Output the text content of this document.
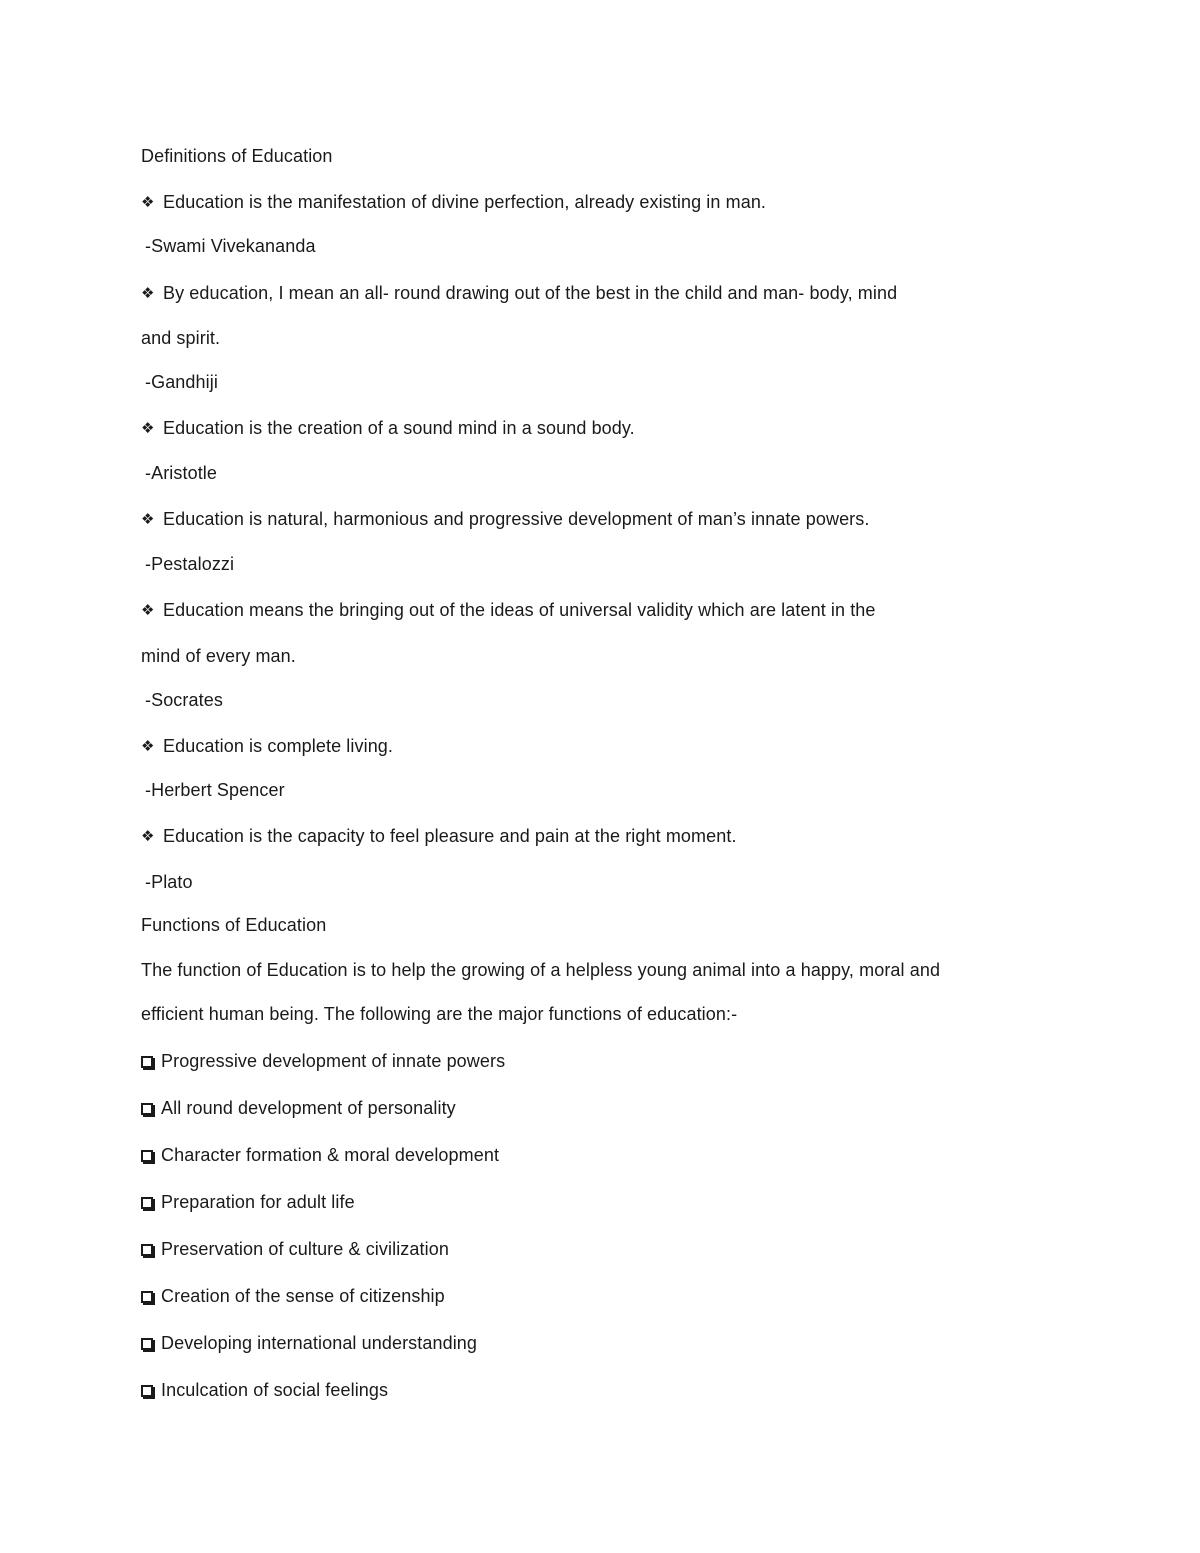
Definitions of Education
❖ Education is the manifestation of divine perfection, already existing in man.
-Swami Vivekananda
❖ By education, I mean an all- round drawing out of the best in the child and man- body, mind
and spirit.
-Gandhiji
❖ Education is the creation of a sound mind in a sound body.
-Aristotle
❖ Education is natural, harmonious and progressive development of man’s innate powers.
-Pestalozzi
❖ Education means the bringing out of the ideas of universal validity which are latent in the
mind of every man.
-Socrates
❖ Education is complete living.
-Herbert Spencer
❖ Education is the capacity to feel pleasure and pain at the right moment.
-Plato
Functions of Education
The function of Education is to help the growing of a helpless young animal into a happy, moral and
efficient human being. The following are the major functions of education:-
Progressive development of innate powers
All round development of personality
Character formation & moral development
Preparation for adult life
Preservation of culture & civilization
Creation of the sense of citizenship
Developing international understanding
Inculcation of social feelings
